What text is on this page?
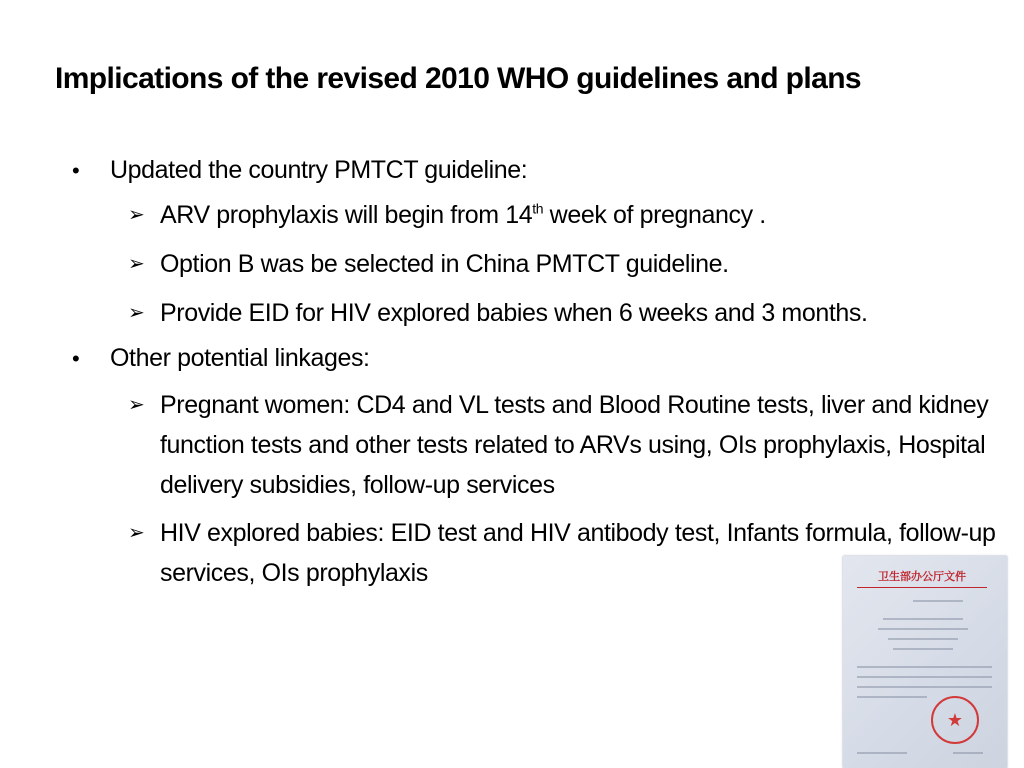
Implications of the revised 2010 WHO guidelines and plans
• Updated the country PMTCT guideline:
➢ ARV prophylaxis will begin from 14th week of pregnancy .
➢ Option B was be selected in China PMTCT guideline.
➢ Provide EID for HIV explored babies when 6 weeks and 3 months.
• Other potential linkages:
➢ Pregnant women: CD4 and VL tests and Blood Routine tests, liver and kidney function tests and other tests related to ARVs using, OIs prophylaxis, Hospital delivery subsidies, follow-up services
➢ HIV explored babies: EID test and HIV antibody test, Infants formula, follow-up services, OIs prophylaxis	卫生部办公厅文件
★
